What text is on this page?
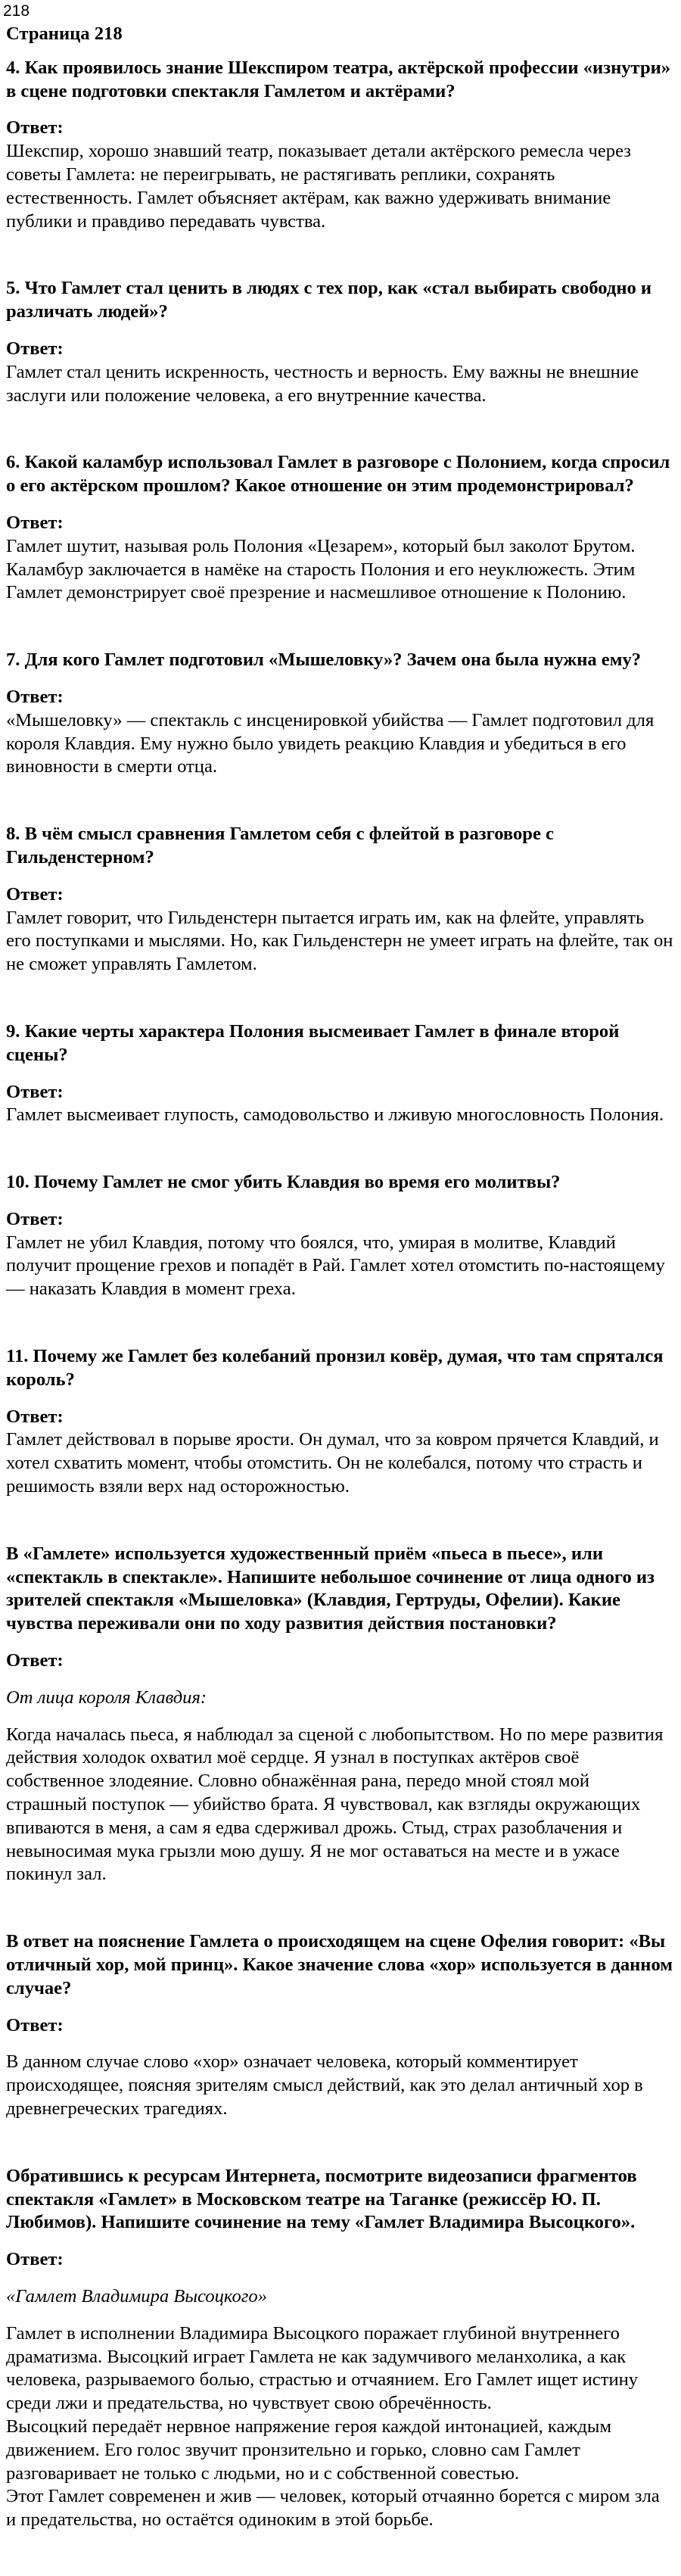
218
Страница 218
4. Как проявилось знание Шекспиром театра, актёрской профессии «изнутри» в сцене подготовки спектакля Гамлетом и актёрами?
Ответ:
Шекспир, хорошо знавший театр, показывает детали актёрского ремесла через советы Гамлета: не переигрывать, не растягивать реплики, сохранять естественность. Гамлет объясняет актёрам, как важно удерживать внимание публики и правдиво передавать чувства.
5. Что Гамлет стал ценить в людях с тех пор, как «стал выбирать свободно и различать людей»?
Ответ:
Гамлет стал ценить искренность, честность и верность. Ему важны не внешние заслуги или положение человека, а его внутренние качества.
6. Какой каламбур использовал Гамлет в разговоре с Полонием, когда спросил о его актёрском прошлом? Какое отношение он этим продемонстрировал?
Ответ:
Гамлет шутит, называя роль Полония «Цезарем», который был заколот Брутом. Каламбур заключается в намёке на старость Полония и его неуклюжесть. Этим Гамлет демонстрирует своё презрение и насмешливое отношение к Полонию.
7. Для кого Гамлет подготовил «Мышеловку»? Зачем она была нужна ему?
Ответ:
«Мышеловку» — спектакль с инсценировкой убийства — Гамлет подготовил для короля Клавдия. Ему нужно было увидеть реакцию Клавдия и убедиться в его виновности в смерти отца.
8. В чём смысл сравнения Гамлетом себя с флейтой в разговоре с Гильденстерном?
Ответ:
Гамлет говорит, что Гильденстерн пытается играть им, как на флейте, управлять его поступками и мыслями. Но, как Гильденстерн не умеет играть на флейте, так он не сможет управлять Гамлетом.
9. Какие черты характера Полония высмеивает Гамлет в финале второй сцены?
Ответ:
Гамлет высмеивает глупость, самодовольство и лживую многословность Полония.
10. Почему Гамлет не смог убить Клавдия во время его молитвы?
Ответ:
Гамлет не убил Клавдия, потому что боялся, что, умирая в молитве, Клавдий получит прощение грехов и попадёт в Рай. Гамлет хотел отомстить по-настоящему — наказать Клавдия в момент греха.
11. Почему же Гамлет без колебаний пронзил ковёр, думая, что там спрятался король?
Ответ:
Гамлет действовал в порыве ярости. Он думал, что за ковром прячется Клавдий, и хотел схватить момент, чтобы отомстить. Он не колебался, потому что страсть и решимость взяли верх над осторожностью.
В «Гамлете» используется художественный приём «пьеса в пьесе», или «спектакль в спектакле». Напишите небольшое сочинение от лица одного из зрителей спектакля «Мышеловка» (Клавдия, Гертруды, Офелии). Какие чувства переживали они по ходу развития действия постановки?
Ответ:
От лица короля Клавдия:
Когда началась пьеса, я наблюдал за сценой с любопытством. Но по мере развития действия холодок охватил моё сердце. Я узнал в поступках актёров своё собственное злодеяние. Словно обнажённая рана, передо мной стоял мой страшный поступок — убийство брата. Я чувствовал, как взгляды окружающих впиваются в меня, а сам я едва сдерживал дрожь. Стыд, страх разоблачения и невыносимая мука грызли мою душу. Я не мог оставаться на месте и в ужасе покинул зал.
В ответ на пояснение Гамлета о происходящем на сцене Офелия говорит: «Вы отличный хор, мой принц». Какое значение слова «хор» используется в данном случае?
Ответ:
В данном случае слово «хор» означает человека, который комментирует происходящее, поясняя зрителям смысл действий, как это делал античный хор в древнегреческих трагедиях.
Обратившись к ресурсам Интернета, посмотрите видеозаписи фрагментов спектакля «Гамлет» в Московском театре на Таганке (режиссёр Ю. П. Любимов). Напишите сочинение на тему «Гамлет Владимира Высоцкого».
Ответ:
«Гамлет Владимира Высоцкого»
Гамлет в исполнении Владимира Высоцкого поражает глубиной внутреннего драматизма. Высоцкий играет Гамлета не как задумчивого меланхолика, а как человека, разрываемого болью, страстью и отчаянием. Его Гамлет ищет истину среди лжи и предательства, но чувствует свою обречённость.
Высоцкий передаёт нервное напряжение героя каждой интонацией, каждым движением. Его голос звучит пронзительно и горько, словно сам Гамлет разговаривает не только с людьми, но и с собственной совестью.
Этот Гамлет современен и жив — человек, который отчаянно борется с миром зла и предательства, но остаётся одиноким в этой борьбе.
